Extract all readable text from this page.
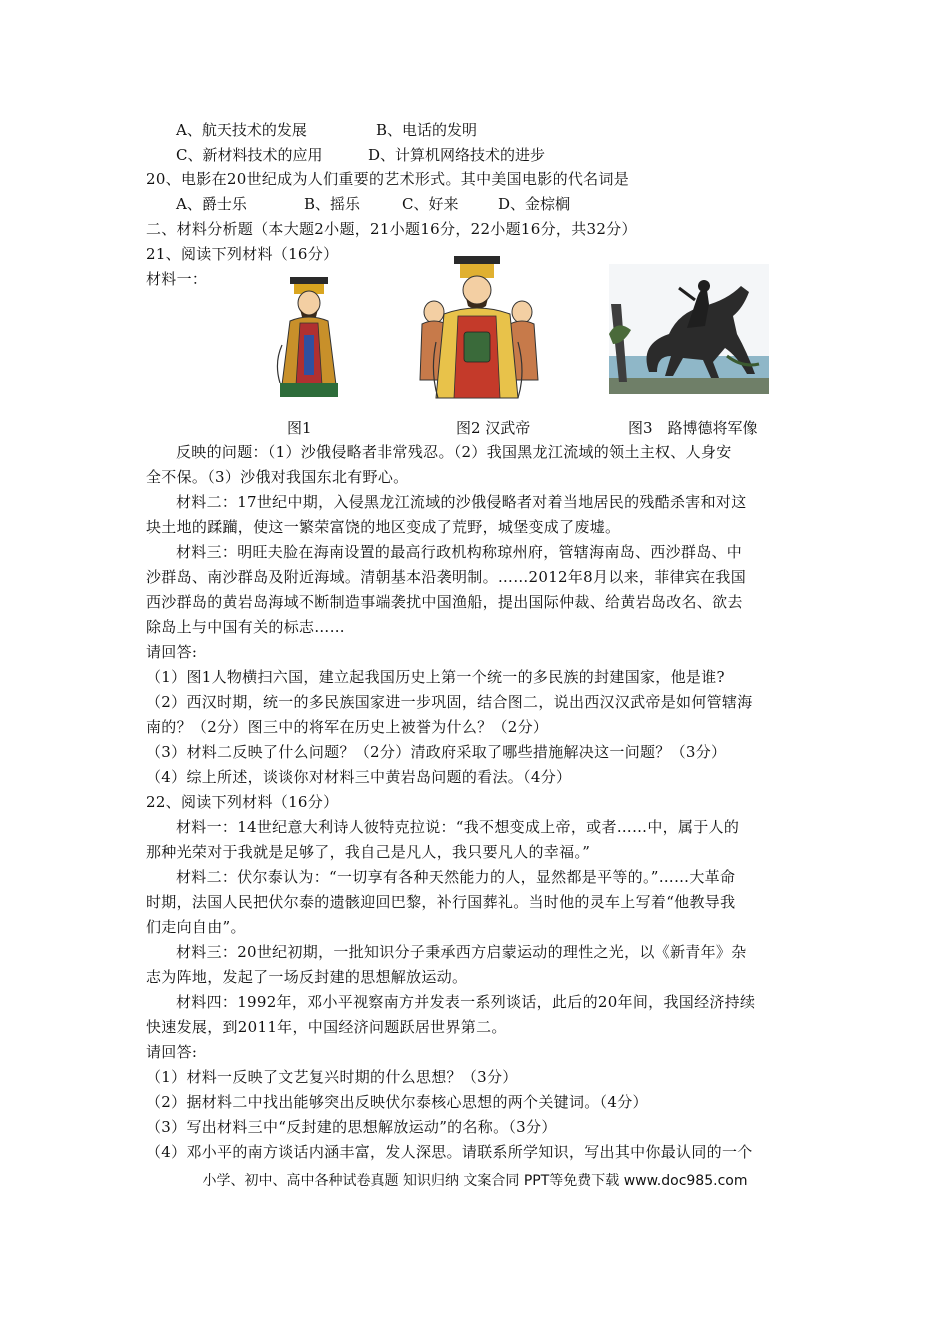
A、航天技术的发展	B、电话的发明
C、新材料技术的应用	D、计算机网络技术的进步
20、电影在20世纪成为人们重要的艺术形式。其中美国电影的代名词是
A、爵士乐	B、摇乐	C、好来	D、金棕榈
二、材料分析题（本大题2小题，21小题16分，22小题16分，共32分）
21、阅读下列材料（16分）
材料一：
图1	图2 汉武帝	图3　路博德将军像
反映的问题：（1）沙俄侵略者非常残忍。（2）我国黑龙江流域的领土主权、人身安
全不保。（3）沙俄对我国东北有野心。
材料二：17世纪中期，入侵黑龙江流域的沙俄侵略者对着当地居民的残酷杀害和对这
块土地的蹂躏，使这一繁荣富饶的地区变成了荒野，城堡变成了废墟。
材料三：明旺夫脸在海南设置的最高行政机构称琼州府，管辖海南岛、西沙群岛、中
沙群岛、南沙群岛及附近海域。清朝基本沿袭明制。……2012年8月以来，菲律宾在我国
西沙群岛的黄岩岛海域不断制造事端袭扰中国渔船，提出国际仲裁、给黄岩岛改名、欲去
除岛上与中国有关的标志……
请回答:
（1）图1人物横扫六国，建立起我国历史上第一个统一的多民族的封建国家，他是谁?
（2）西汉时期，统一的多民族国家进一步巩固，结合图二，说出西汉汉武帝是如何管辖海
南的？（2分）图三中的将军在历史上被誉为什么？（2分）
（3）材料二反映了什么问题？（2分）清政府采取了哪些措施解决这一问题？（3分）
（4）综上所述，谈谈你对材料三中黄岩岛问题的看法。（4分）
22、阅读下列材料（16分）
材料一：14世纪意大利诗人彼特克拉说：“我不想变成上帝，或者……中，属于人的
那种光荣对于我就是足够了，我自己是凡人，我只要凡人的幸福。”
材料二：伏尔泰认为：“一切享有各种天然能力的人，显然都是平等的。”……大革命
时期，法国人民把伏尔泰的遗骸迎回巴黎，补行国葬礼。当时他的灵车上写着“他教导我
们走向自由”。
材料三：20世纪初期，一批知识分子秉承西方启蒙运动的理性之光，以《新青年》杂
志为阵地，发起了一场反封建的思想解放运动。
材料四：1992年，邓小平视察南方并发表一系列谈话，此后的20年间，我国经济持续
快速发展，到2011年，中国经济问题跃居世界第二。
请回答:
（1）材料一反映了文艺复兴时期的什么思想？（3分）
（2）据材料二中找出能够突出反映伏尔泰核心思想的两个关键词。（4分）
（3）写出材料三中“反封建的思想解放运动”的名称。（3分）
（4）邓小平的南方谈话内涵丰富，发人深思。请联系所学知识，写出其中你最认同的一个
小学、初中、高中各种试卷真题 知识归纳 文案合同 PPT等免费下载 www.doc985.com
